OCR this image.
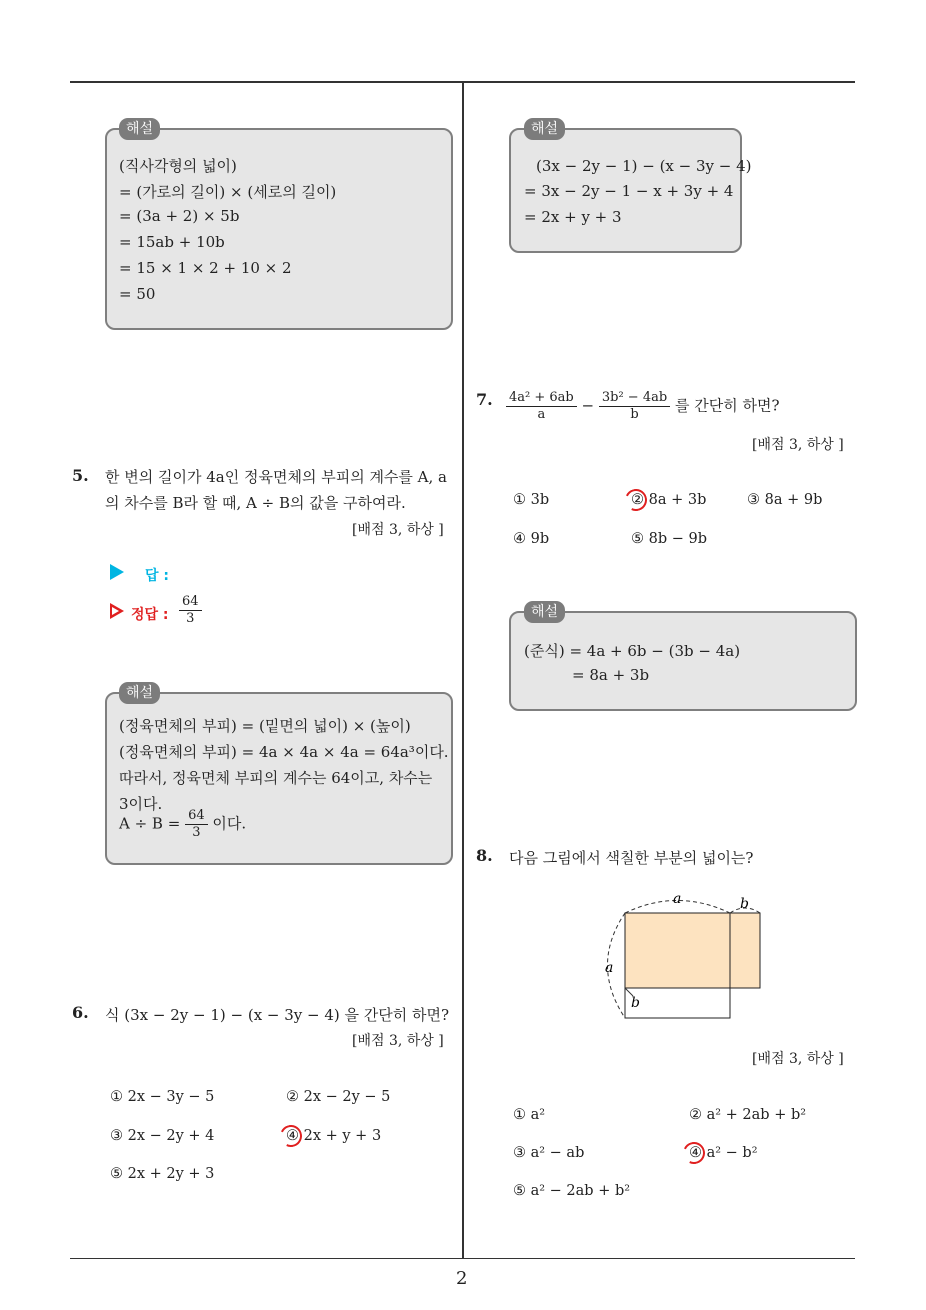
2
해설
(직사각형의 넓이)
= (가로의 길이) × (세로의 길이)
= (3a + 2) × 5b
= 15ab + 10b
= 15 × 1 × 2 + 10 × 2
= 50
5. 한 변의 길이가 4a인 정육면체의 부피의 계수를 A, a
의 차수를 B라 할 때, A ÷ B의 값을 구하여라.
[배점 3, 하상 ]
답 :
정답 : $\frac{64}{3}$
해설
(정육면체의 부피) = (밑면의 넓이) × (높이)
(정육면체의 부피) = 4a × 4a × 4a = 64a³이다.
따라서, 정육면체 부피의 계수는 64이고, 차수는
3이다.
$A \div B = \frac{64}{3}$ 이다.
6. 식 (3x − 2y − 1) − (x − 3y − 4) 을 간단히 하면?
[배점 3, 하상 ]
① 2x − 3y − 5	② 2x − 2y − 5
③ 2x − 2y + 4	④ 2x + y + 3
⑤ 2x + 2y + 3
해설
(3x − 2y − 1) − (x − 3y − 4)
= 3x − 2y − 1 − x + 3y + 4
= 2x + y + 3
7. $\frac{\text{4a² + 6ab}}{a} - \frac{\text{3b² − 4ab}}{b}$ 를 간단히 하면?
[배점 3, 하상 ]
① 3b	② 8a + 3b	③ 8a + 9b
④ 9b	⑤ 8b − 9b
해설
(준식) = 4a + 6b − (3b − 4a)
= 8a + 3b
8. 다음 그림에서 색칠한 부분의 넓이는?
a	b
a
b
[배점 3, 하상 ]
① a²	② a² + 2ab + b²
③ a² − ab	④ a² − b²
⑤ a² − 2ab + b²
